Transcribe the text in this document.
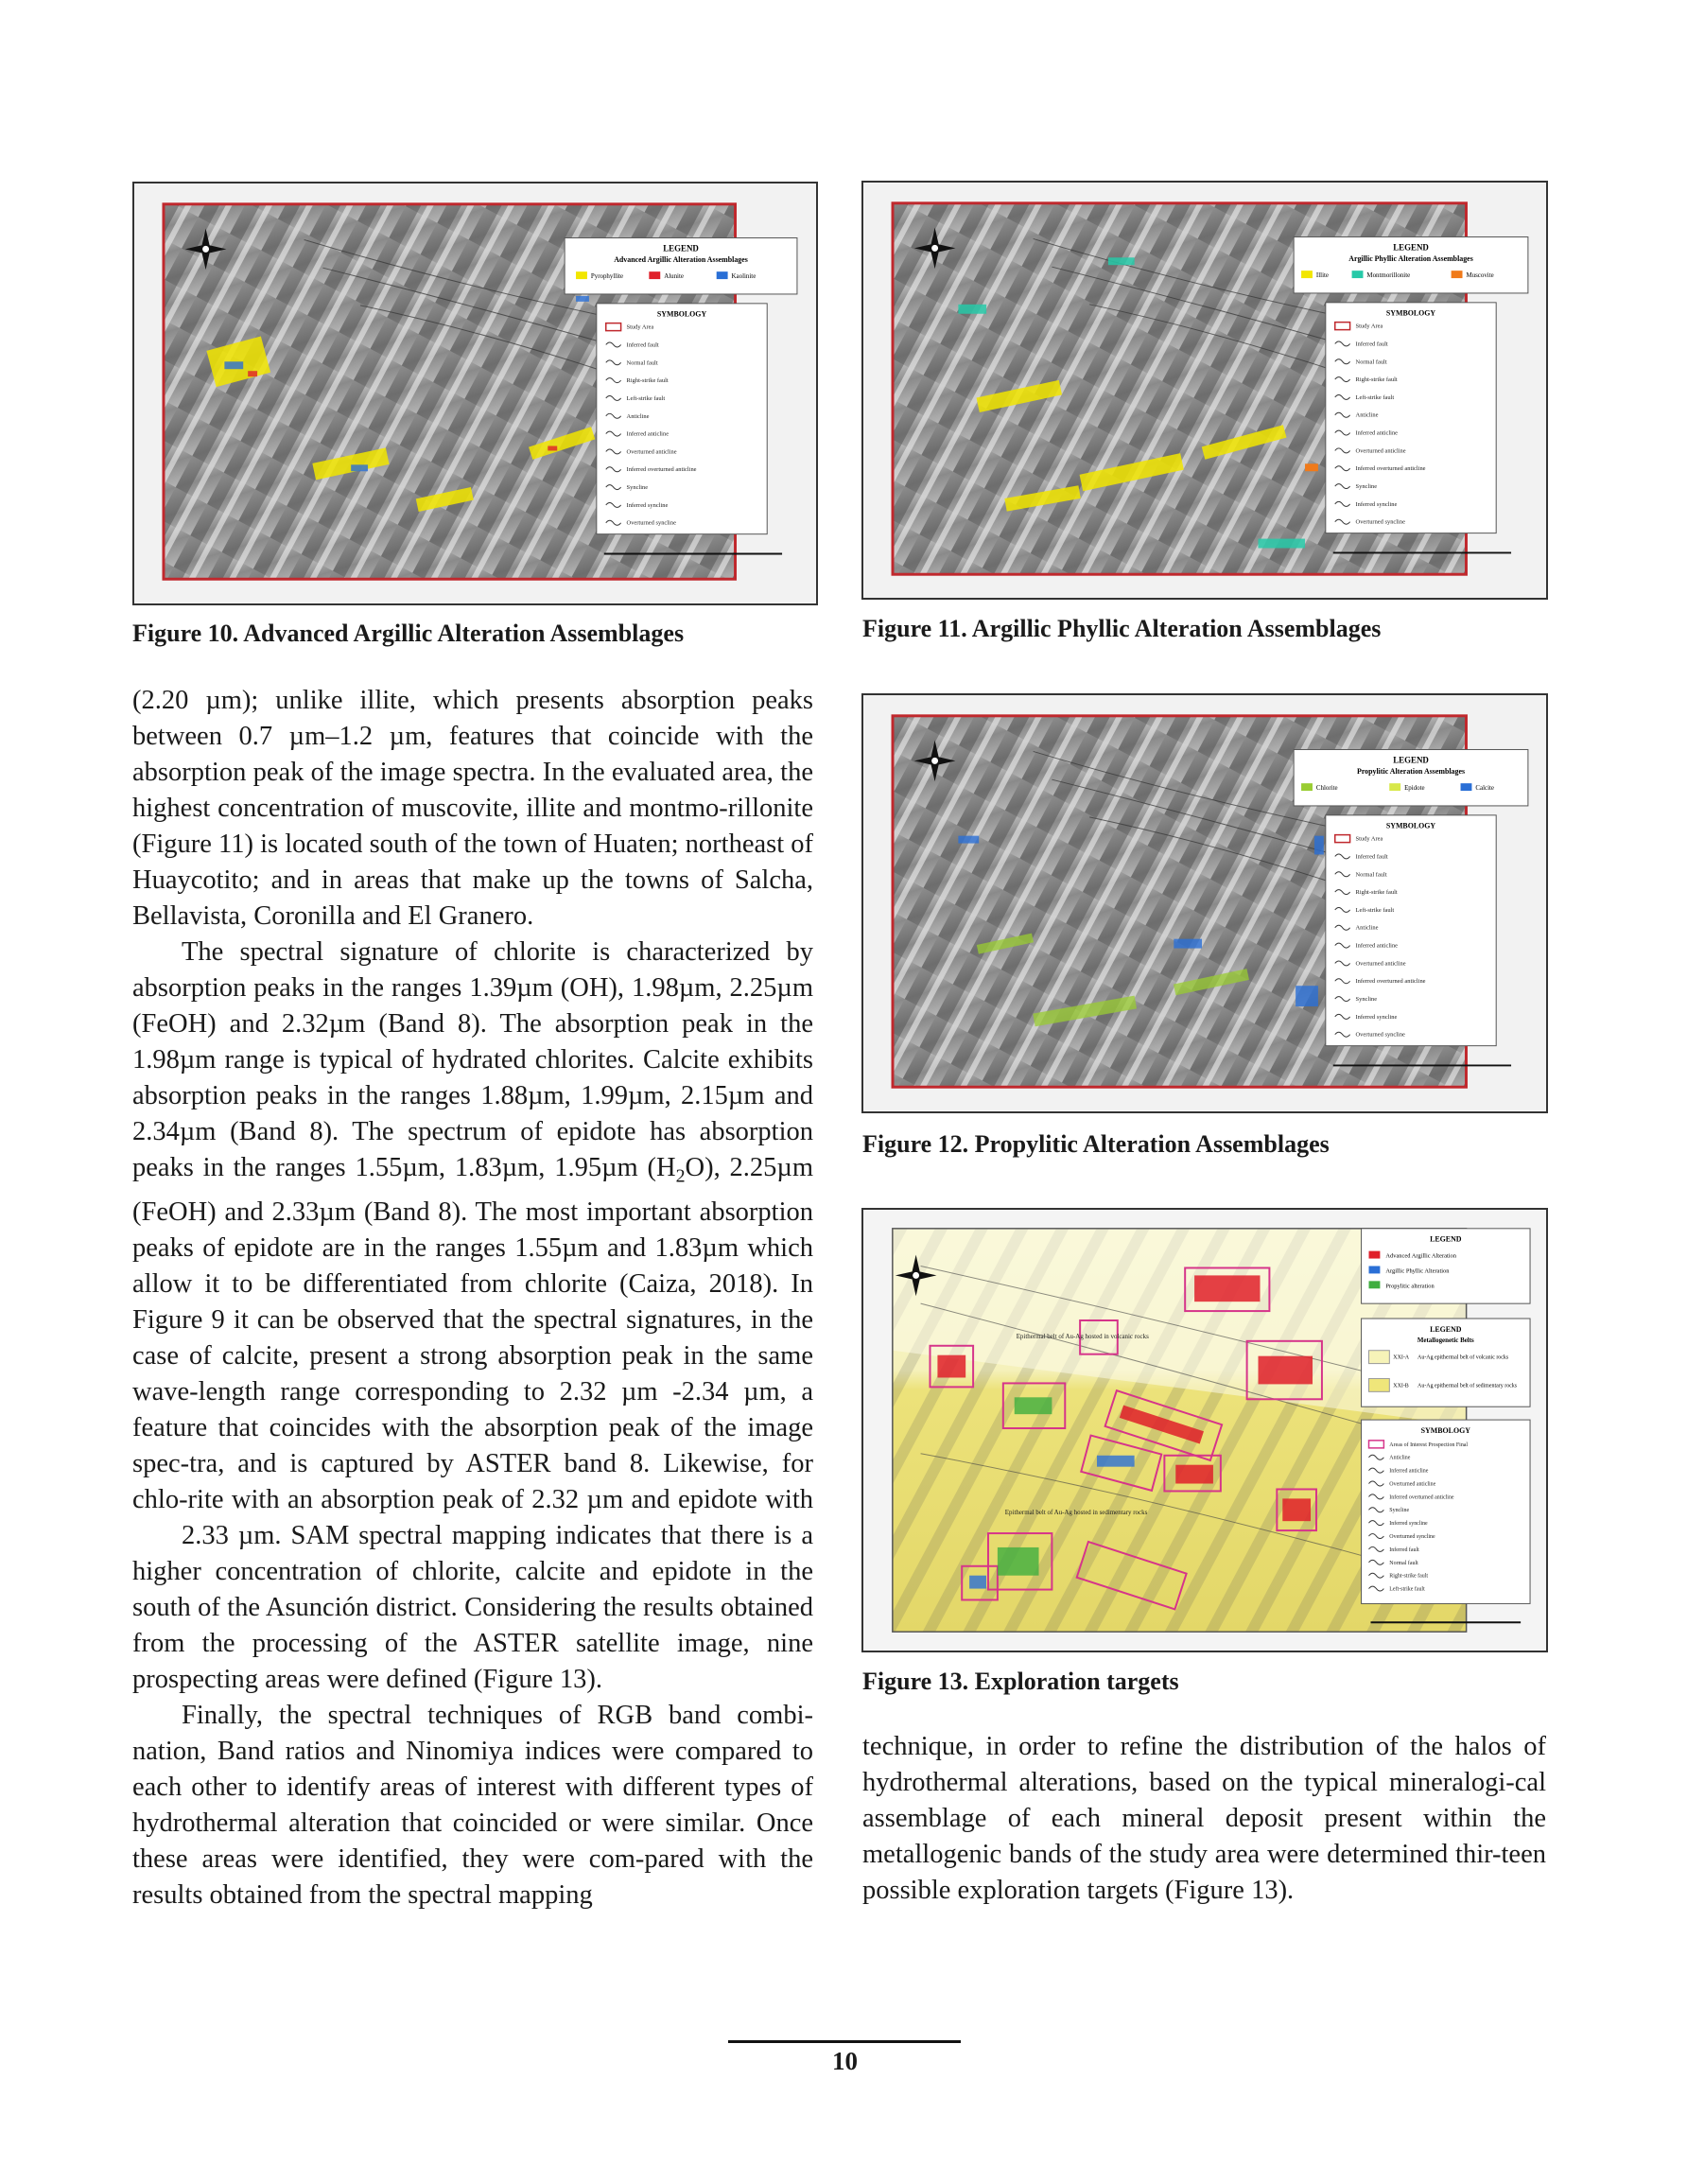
LEGEND
Advanced Argillic Alteration Assemblages
Pyrophyllite	Alunite	Kaolinite
SYMBOLOGY
Study Area
Inferred fault
Normal fault
Right-strike fault
Left-strike fault
Anticline
Inferred anticline
Overturned anticline
Inferred overturned anticline
Syncline
Inferred syncline
Overturned syncline
Figure 10. Advanced Argillic Alteration Assemblages
LEGEND
Argillic Phyllic Alteration Assemblages
Illite	Montmorillonite	Muscovite
SYMBOLOGY
Study Area
Inferred fault
Normal fault
Right-strike fault
Left-strike fault
Anticline
Inferred anticline
Overturned anticline
Inferred overturned anticline
Syncline
Inferred syncline
Overturned syncline
Figure 11. Argillic Phyllic Alteration Assemblages
LEGEND
Propylitic Alteration Assemblages
Chlorite	Epidote	Calcite
SYMBOLOGY
Study Area
Inferred fault
Normal fault
Right-strike fault
Left-strike fault
Anticline
Inferred anticline
Overturned anticline
Inferred overturned anticline
Syncline
Inferred syncline
Overturned syncline
Figure 12. Propylitic Alteration Assemblages
Epithermal belt of Au-Ag hosted in volcanic rocks
Epithermal belt of Au-Ag hosted in sedimentary rocks
LEGEND
Advanced Argillic Alteration
Argillic Phyllic Alteration
Propylitic alteration
LEGEND
Metallogenetic Belts
XXI-A Au-Ag epithermal belt of volcanic rocks
XXI-B Au-Ag epithermal belt of sedimentary rocks
SYMBOLOGY
Areas of Interest Prospection Final
Anticline
Inferred anticline
Overturned anticline
Inferred overturned anticline
Syncline
Inferred syncline
Overturned syncline
Inferred fault
Normal fault
Right-strike fault
Left-strike fault
Figure 13. Exploration targets

(2.20 µm); unlike illite, which presents absorption peaks between 0.7 µm–1.2 µm, features that coincide with the absorption peak of the image spectra. In the evaluated area, the highest concentration of muscovite, illite and montmo-rillonite (Figure 11) is located south of the town of Huaten; northeast of Huaycotito; and in areas that make up the towns of Salcha, Bellavista, Coronilla and El Granero.

The spectral signature of chlorite is characterized by absorption peaks in the ranges 1.39µm (OH), 1.98µm, 2.25µm (FeOH) and 2.32µm (Band 8). The absorption peak in the 1.98µm range is typical of hydrated chlorites. Calcite exhibits absorption peaks in the ranges 1.88µm, 1.99µm, 2.15µm and 2.34µm (Band 8). The spectrum of epidote has absorption peaks in the ranges 1.55µm, 1.83µm, 1.95µm $(H_2O)$, 2.25µm (FeOH) and 2.33µm (Band 8). The most important absorption peaks of epidote are in the ranges 1.55µm and 1.83µm which allow it to be differentiated from chlorite (Caiza, 2018). In Figure 9 it can be observed that the spectral signatures, in the case of calcite, present a strong absorption peak in the same wave-length range corresponding to 2.32 µm -2.34 µm, a feature that coincides with the absorption peak of the image spec-tra, and is captured by ASTER band 8. Likewise, for chlo-rite with an absorption peak of 2.32 µm and epidote with

2.33 µm. SAM spectral mapping indicates that there is a higher concentration of chlorite, calcite and epidote in the south of the Asunción district. Considering the results obtained from the processing of the ASTER satellite image, nine prospecting areas were defined (Figure 13).

Finally, the spectral techniques of RGB band combi-nation, Band ratios and Ninomiya indices were compared to each other to identify areas of interest with different types of hydrothermal alteration that coincided or were similar. Once these areas were identified, they were com-pared with the results obtained from the spectral mapping

technique, in order to refine the distribution of the halos of hydrothermal alterations, based on the typical mineralogi-cal assemblage of each mineral deposit present within the metallogenic bands of the study area were determined thir-teen possible exploration targets (Figure 13).

10
